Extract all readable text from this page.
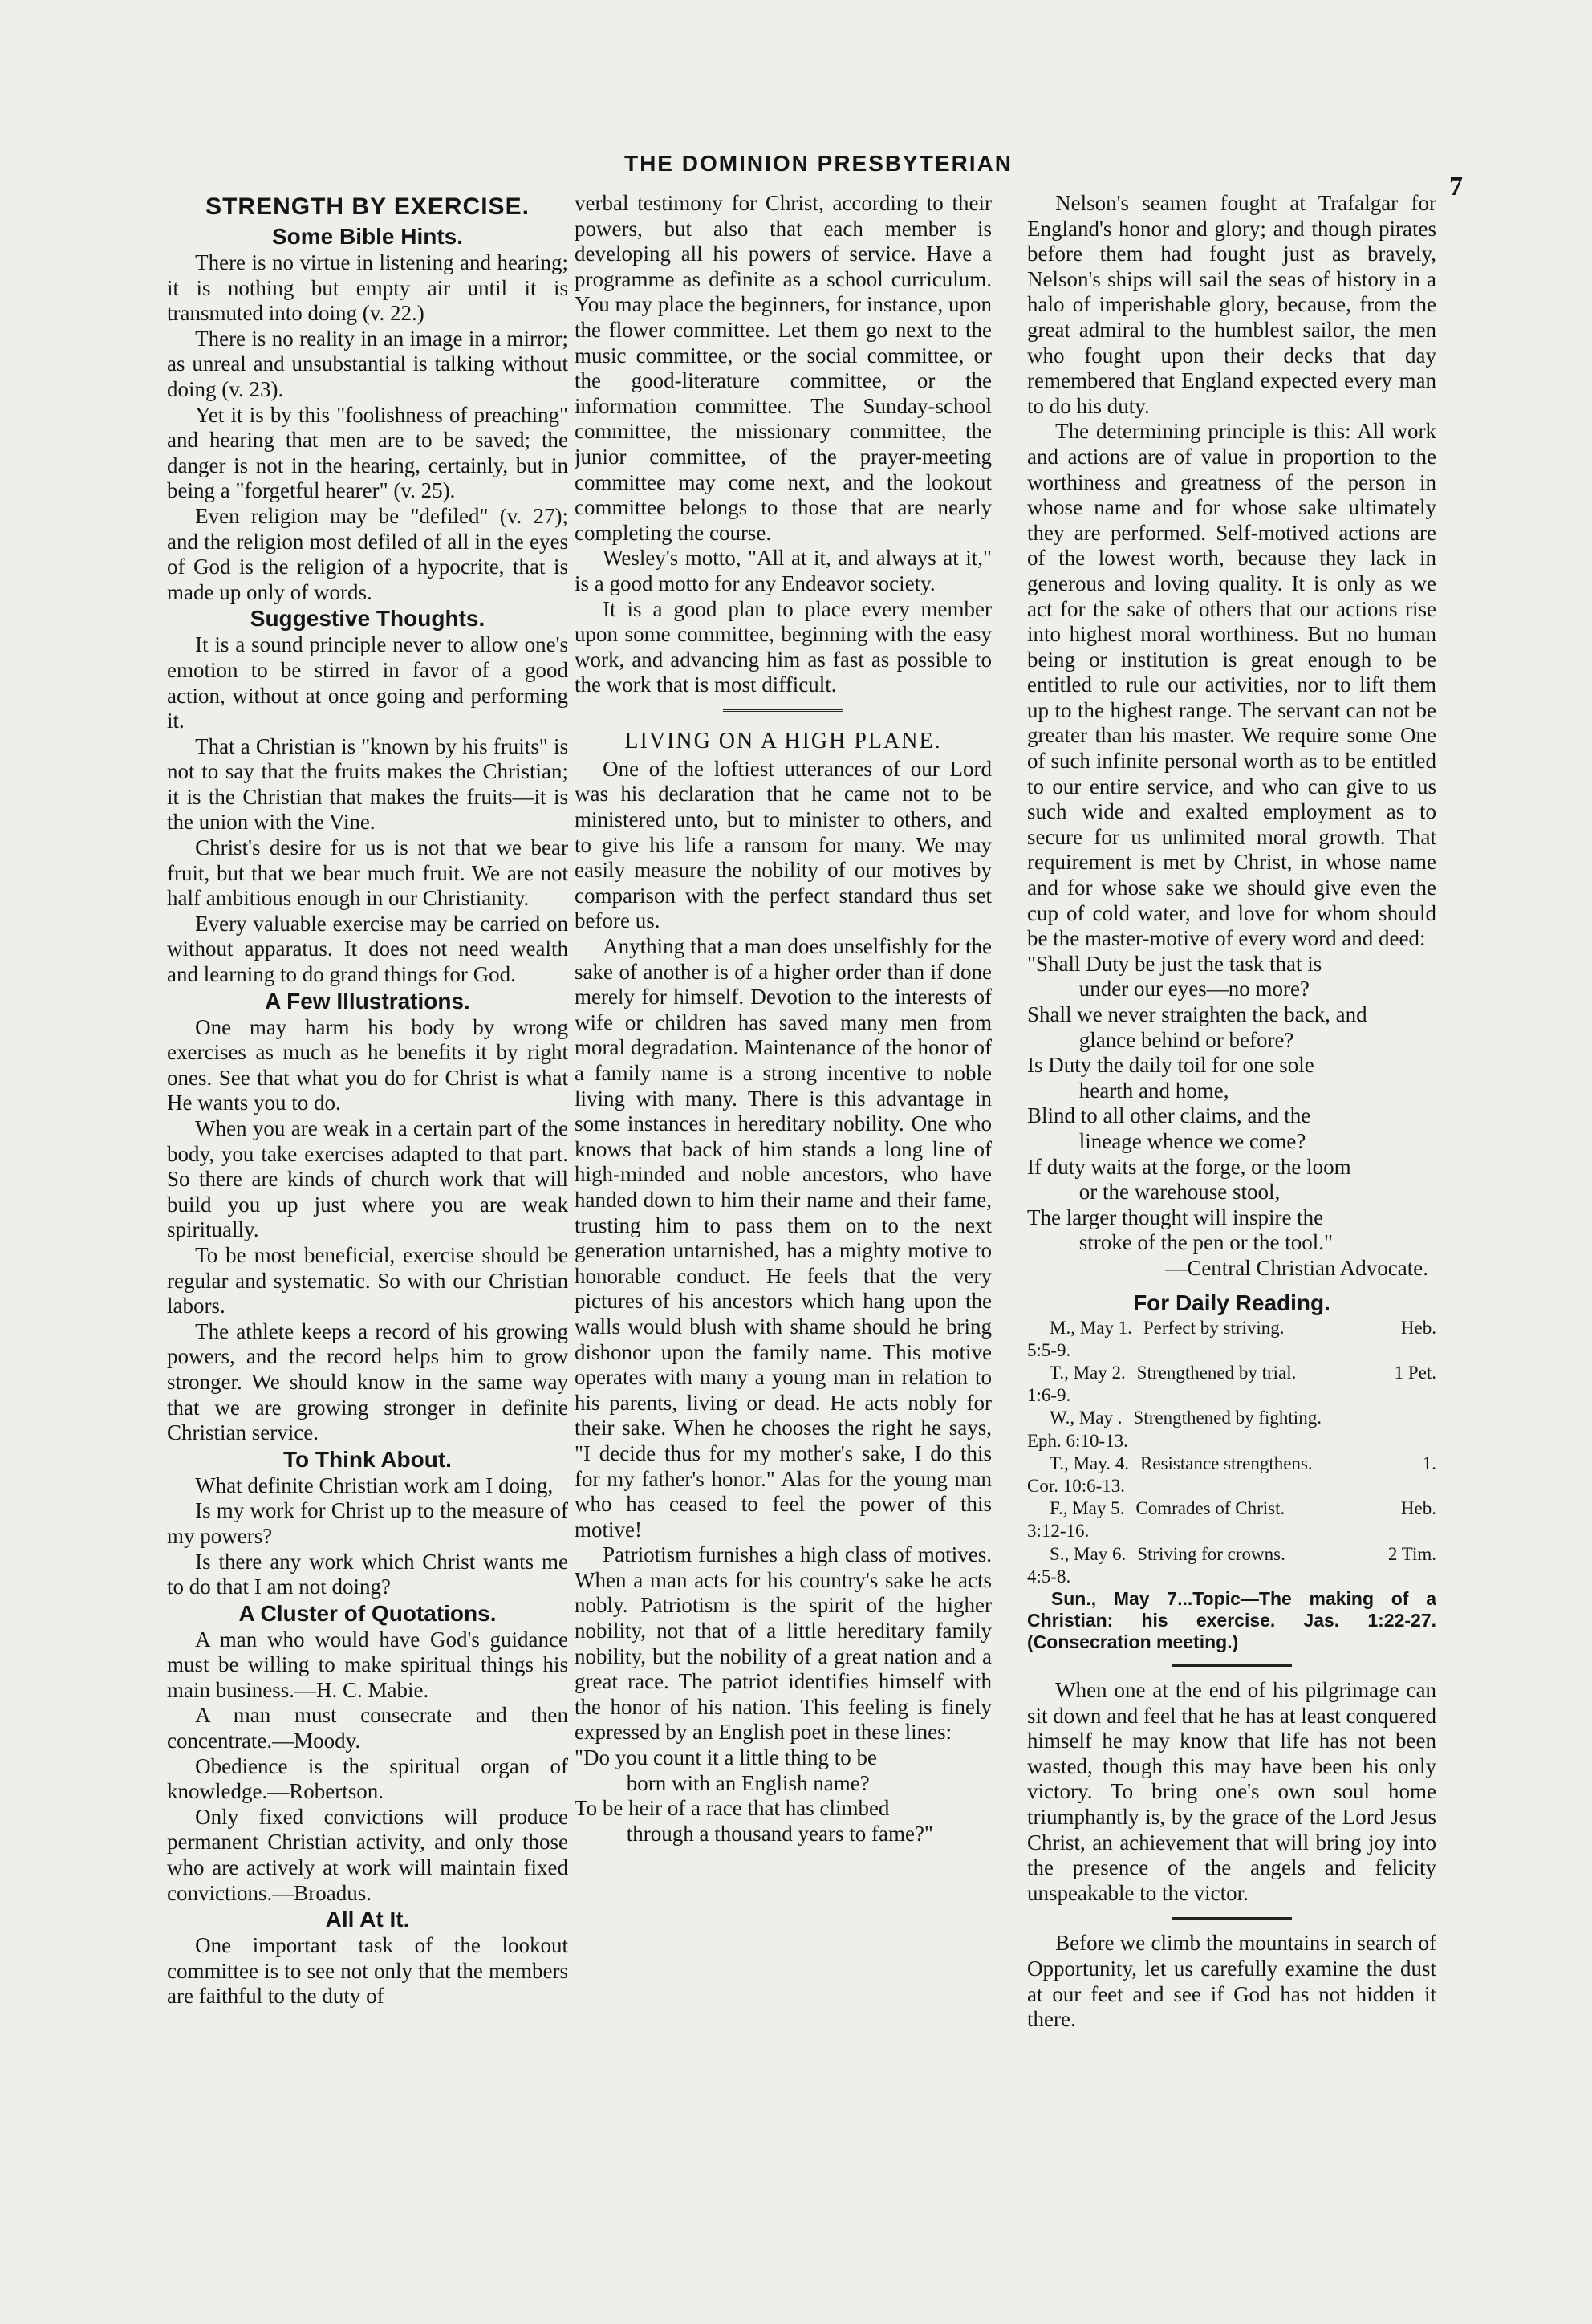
THE DOMINION PRESBYTERIAN
7
STRENGTH BY EXERCISE.
Some Bible Hints.

There is no virtue in listening and hearing; it is nothing but empty air until it is transmuted into doing (v. 22.)

There is no reality in an image in a mirror; as unreal and unsubstantial is talking without doing (v. 23).

Yet it is by this "foolishness of preaching" and hearing that men are to be saved; the danger is not in the hearing, certainly, but in being a "forgetful hearer" (v. 25).

Even religion may be "defiled" (v. 27); and the religion most defiled of all in the eyes of God is the religion of a hypocrite, that is made up only of words.

Suggestive Thoughts.

It is a sound principle never to allow one's emotion to be stirred in favor of a good action, without at once going and performing it.

That a Christian is "known by his fruits" is not to say that the fruits makes the Christian; it is the Christian that makes the fruits—it is the union with the Vine.

Christ's desire for us is not that we bear fruit, but that we bear much fruit. We are not half ambitious enough in our Christianity.

Every valuable exercise may be carried on without apparatus. It does not need wealth and learning to do grand things for God.

A Few Illustrations.

One may harm his body by wrong exercises as much as he benefits it by right ones. See that what you do for Christ is what He wants you to do.

When you are weak in a certain part of the body, you take exercises adapted to that part. So there are kinds of church work that will build you up just where you are weak spiritually.

To be most beneficial, exercise should be regular and systematic. So with our Christian labors.

The athlete keeps a record of his growing powers, and the record helps him to grow stronger. We should know in the same way that we are growing stronger in definite Christian service.

To Think About.

What definite Christian work am I doing,

Is my work for Christ up to the measure of my powers?

Is there any work which Christ wants me to do that I am not doing?

A Cluster of Quotations.

A man who would have God's guidance must be willing to make spiritual things his main business.—H. C. Mabie.

A man must consecrate and then concentrate.—Moody.

Obedience is the spiritual organ of knowledge.—Robertson.

Only fixed convictions will produce permanent Christian activity, and only those who are actively at work will maintain fixed convictions.—Broadus.

All At It.

One important task of the lookout committee is to see not only that the members are faithful to the duty of

verbal testimony for Christ, according to their powers, but also that each member is developing all his powers of service. Have a programme as definite as a school curriculum. You may place the beginners, for instance, upon the flower committee. Let them go next to the music committee, or the social committee, or the good-literature committee, or the information committee. The Sunday-school committee, the missionary committee, the junior committee, of the prayer-meeting committee may come next, and the lookout committee belongs to those that are nearly completing the course.

Wesley's motto, "All at it, and always at it," is a good motto for any Endeavor society.

It is a good plan to place every member upon some committee, beginning with the easy work, and advancing him as fast as possible to the work that is most difficult.

LIVING ON A HIGH PLANE.

One of the loftiest utterances of our Lord was his declaration that he came not to be ministered unto, but to minister to others, and to give his life a ransom for many. We may easily measure the nobility of our motives by comparison with the perfect standard thus set before us.

Anything that a man does unselfishly for the sake of another is of a higher order than if done merely for himself. Devotion to the interests of wife or children has saved many men from moral degradation. Maintenance of the honor of a family name is a strong incentive to noble living with many. There is this advantage in some instances in hereditary nobility. One who knows that back of him stands a long line of high-minded and noble ancestors, who have handed down to him their name and their fame, trusting him to pass them on to the next generation untarnished, has a mighty motive to honorable conduct. He feels that the very pictures of his ancestors which hang upon the walls would blush with shame should he bring dishonor upon the family name. This motive operates with many a young man in relation to his parents, living or dead. He acts nobly for their sake. When he chooses the right he says, "I decide thus for my mother's sake, I do this for my father's honor." Alas for the young man who has ceased to feel the power of this motive!

Patriotism furnishes a high class of motives. When a man acts for his country's sake he acts nobly. Patriotism is the spirit of the higher nobility, not that of a little hereditary family nobility, but the nobility of a great nation and a great race. The patriot identifies himself with the honor of his nation. This feeling is finely expressed by an English poet in these lines:

"Do you count it a little thing to be
born with an English name?

To be heir of a race that has climbed
through a thousand years to fame?"

Nelson's seamen fought at Trafalgar for England's honor and glory; and though pirates before them had fought just as bravely, Nelson's ships will sail the seas of history in a halo of imperishable glory, because, from the great admiral to the humblest sailor, the men who fought upon their decks that day remembered that England expected every man to do his duty.

The determining principle is this: All work and actions are of value in proportion to the worthiness and greatness of the person in whose name and for whose sake ultimately they are performed. Self-motived actions are of the lowest worth, because they lack in generous and loving quality. It is only as we act for the sake of others that our actions rise into highest moral worthiness. But no human being or institution is great enough to be entitled to rule our activities, nor to lift them up to the highest range. The servant can not be greater than his master. We require some One of such infinite personal worth as to be entitled to our entire service, and who can give to us such wide and exalted employment as to secure for us unlimited moral growth. That requirement is met by Christ, in whose name and for whose sake we should give even the cup of cold water, and love for whom should be the master-motive of every word and deed:

"Shall Duty be just the task that is
under our eyes—no more?

Shall we never straighten the back, and
glance behind or before?

Is Duty the daily toil for one sole
hearth and home,

Blind to all other claims, and the
lineage whence we come?

If duty waits at the forge, or the loom
or the warehouse stool,

The larger thought will inspire the
stroke of the pen or the tool."

—Central Christian Advocate.
For Daily Reading.
M., May 1. Perfect by striving.	Heb.
5:5-9.
T., May 2. Strengthened by trial.	1 Pet.
1:6-9.
W., May . Strengthened by fighting.
Eph. 6:10-13.
T., May. 4. Resistance strengthens.	1.
Cor. 10:6-13.
F., May 5. Comrades of Christ.	Heb.
3:12-16.
S., May 6. Striving for crowns.	2 Tim.
4:5-8.

Sun., May 7...Topic—The making of a Christian: his exercise. Jas. 1:22-27. (Consecration meeting.)

When one at the end of his pilgrimage can sit down and feel that he has at least conquered himself he may know that life has not been wasted, though this may have been his only victory. To bring one's own soul home triumphantly is, by the grace of the Lord Jesus Christ, an achievement that will bring joy into the presence of the angels and felicity unspeakable to the victor.

Before we climb the mountains in search of Opportunity, let us carefully examine the dust at our feet and see if God has not hidden it there.
